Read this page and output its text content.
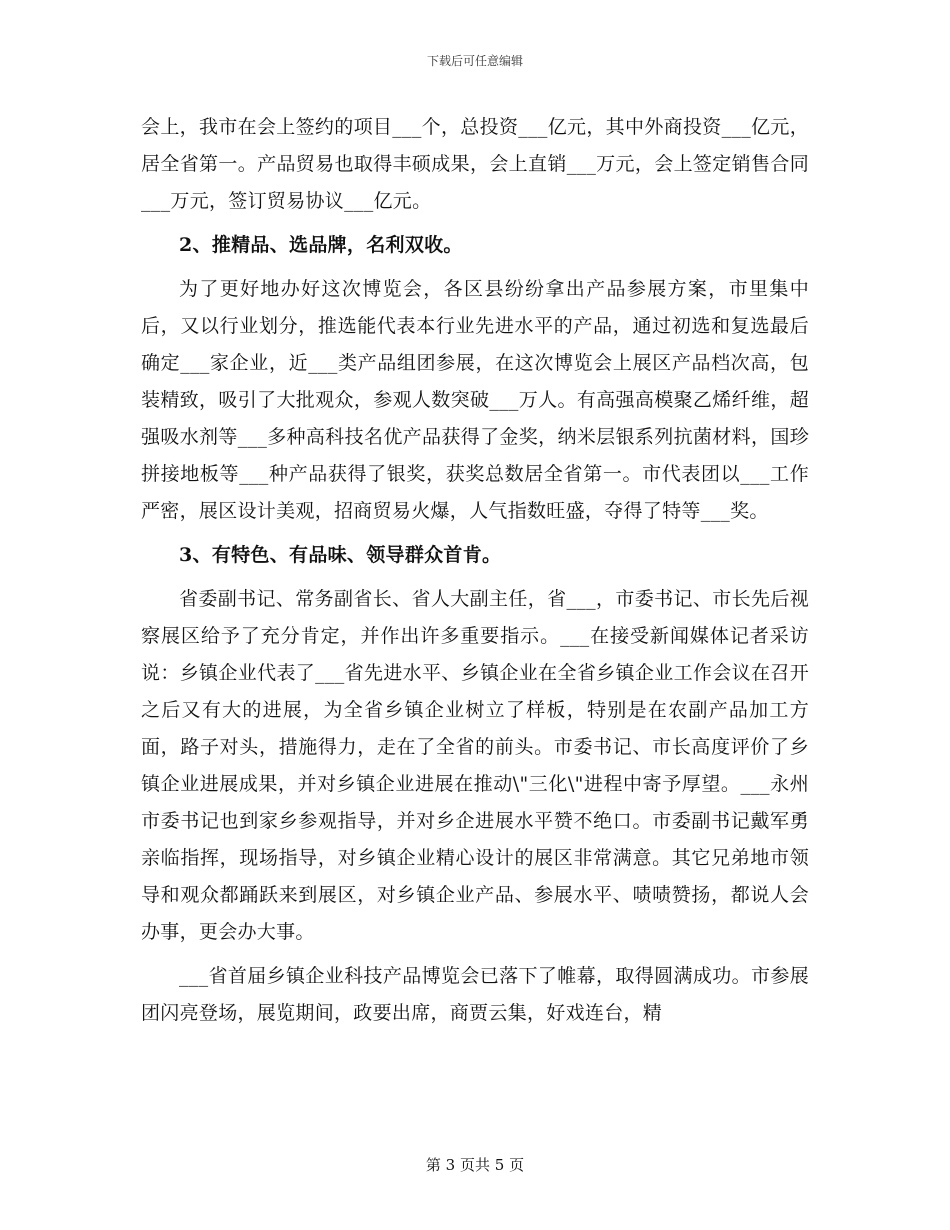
下载后可任意编辑

会上，我市在会上签约的项目___个，总投资___亿元，其中外商投资___亿元，居全省第一。产品贸易也取得丰硕成果，会上直销___万元，会上签定销售合同___万元，签订贸易协议___亿元。

2、推精品、选品牌，名利双收。

为了更好地办好这次博览会，各区县纷纷拿出产品参展方案，市里集中后，又以行业划分，推选能代表本行业先进水平的产品，通过初选和复选最后确定___家企业，近___类产品组团参展，在这次博览会上展区产品档次高，包装精致，吸引了大批观众，参观人数突破___万人。有高强高模聚乙烯纤维，超强吸水剂等___多种高科技名优产品获得了金奖，纳米层银系列抗菌材料，国珍拼接地板等___种产品获得了银奖，获奖总数居全省第一。市代表团以___工作严密，展区设计美观，招商贸易火爆，人气指数旺盛，夺得了特等___奖。

3、有特色、有品味、领导群众首肯。

省委副书记、常务副省长、省人大副主任，省___，市委书记、市长先后视察展区给予了充分肯定，并作出许多重要指示。___在接受新闻媒体记者采访说：乡镇企业代表了___省先进水平、乡镇企业在全省乡镇企业工作会议在召开之后又有大的进展，为全省乡镇企业树立了样板，特别是在农副产品加工方面，路子对头，措施得力，走在了全省的前头。市委书记、市长高度评价了乡镇企业进展成果，并对乡镇企业进展在推动\"三化\"进程中寄予厚望。___永州市委书记也到家乡参观指导，并对乡企进展水平赞不绝口。市委副书记戴军勇亲临指挥，现场指导，对乡镇企业精心设计的展区非常满意。其它兄弟地市领导和观众都踊跃来到展区，对乡镇企业产品、参展水平、啧啧赞扬，都说人会办事，更会办大事。

___省首届乡镇企业科技产品博览会已落下了帷幕，取得圆满成功。市参展团闪亮登场，展览期间，政要出席，商贾云集，好戏连台，精

第 3 页共 5 页
